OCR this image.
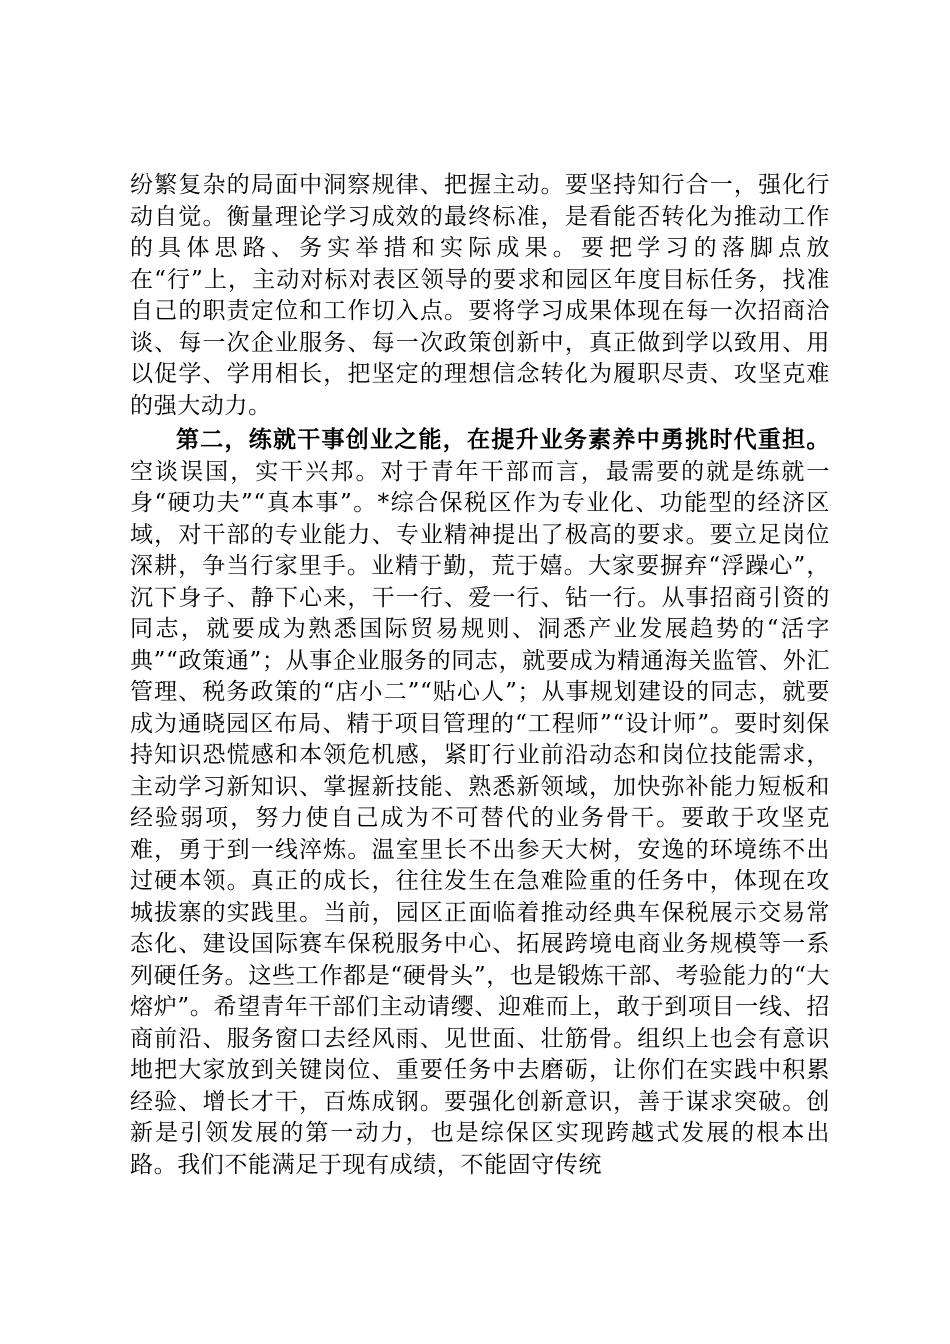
纷繁复杂的局面中洞察规律、把握主动。要坚持知行合一，强化行动自觉。衡量理论学习成效的最终标准，是看能否转化为推动工作的具体思路、务实举措和实际成果。要把学习的落脚点放在“行”上，主动对标对表区领导的要求和园区年度目标任务，找准自己的职责定位和工作切入点。要将学习成果体现在每一次招商洽谈、每一次企业服务、每一次政策创新中，真正做到学以致用、用以促学、学用相长，把坚定的理想信念转化为履职尽责、攻坚克难的强大动力。

第二，练就干事创业之能，在提升业务素养中勇挑时代重担。空谈误国，实干兴邦。对于青年干部而言，最需要的就是练就一身“硬功夫”“真本事”。*综合保税区作为专业化、功能型的经济区域，对干部的专业能力、专业精神提出了极高的要求。要立足岗位深耕，争当行家里手。业精于勤，荒于嬉。大家要摒弃“浮躁心”，沉下身子、静下心来，干一行、爱一行、钻一行。从事招商引资的同志，就要成为熟悉国际贸易规则、洞悉产业发展趋势的“活字典”“政策通”；从事企业服务的同志，就要成为精通海关监管、外汇管理、税务政策的“店小二”“贴心人”；从事规划建设的同志，就要成为通晓园区布局、精于项目管理的“工程师”“设计师”。要时刻保持知识恐慌感和本领危机感，紧盯行业前沿动态和岗位技能需求，主动学习新知识、掌握新技能、熟悉新领域，加快弥补能力短板和经验弱项，努力使自己成为不可替代的业务骨干。要敢于攻坚克难，勇于到一线淬炼。温室里长不出参天大树，安逸的环境练不出过硬本领。真正的成长，往往发生在急难险重的任务中，体现在攻城拔寨的实践里。当前，园区正面临着推动经典车保税展示交易常态化、建设国际赛车保税服务中心、拓展跨境电商业务规模等一系列硬任务。这些工作都是“硬骨头”，也是锻炼干部、考验能力的“大熔炉”。希望青年干部们主动请缨、迎难而上，敢于到项目一线、招商前沿、服务窗口去经风雨、见世面、壮筋骨。组织上也会有意识地把大家放到关键岗位、重要任务中去磨砺，让你们在实践中积累经验、增长才干，百炼成钢。要强化创新意识，善于谋求突破。创新是引领发展的第一动力，也是综保区实现跨越式发展的根本出路。我们不能满足于现有成绩，不能固守传统
